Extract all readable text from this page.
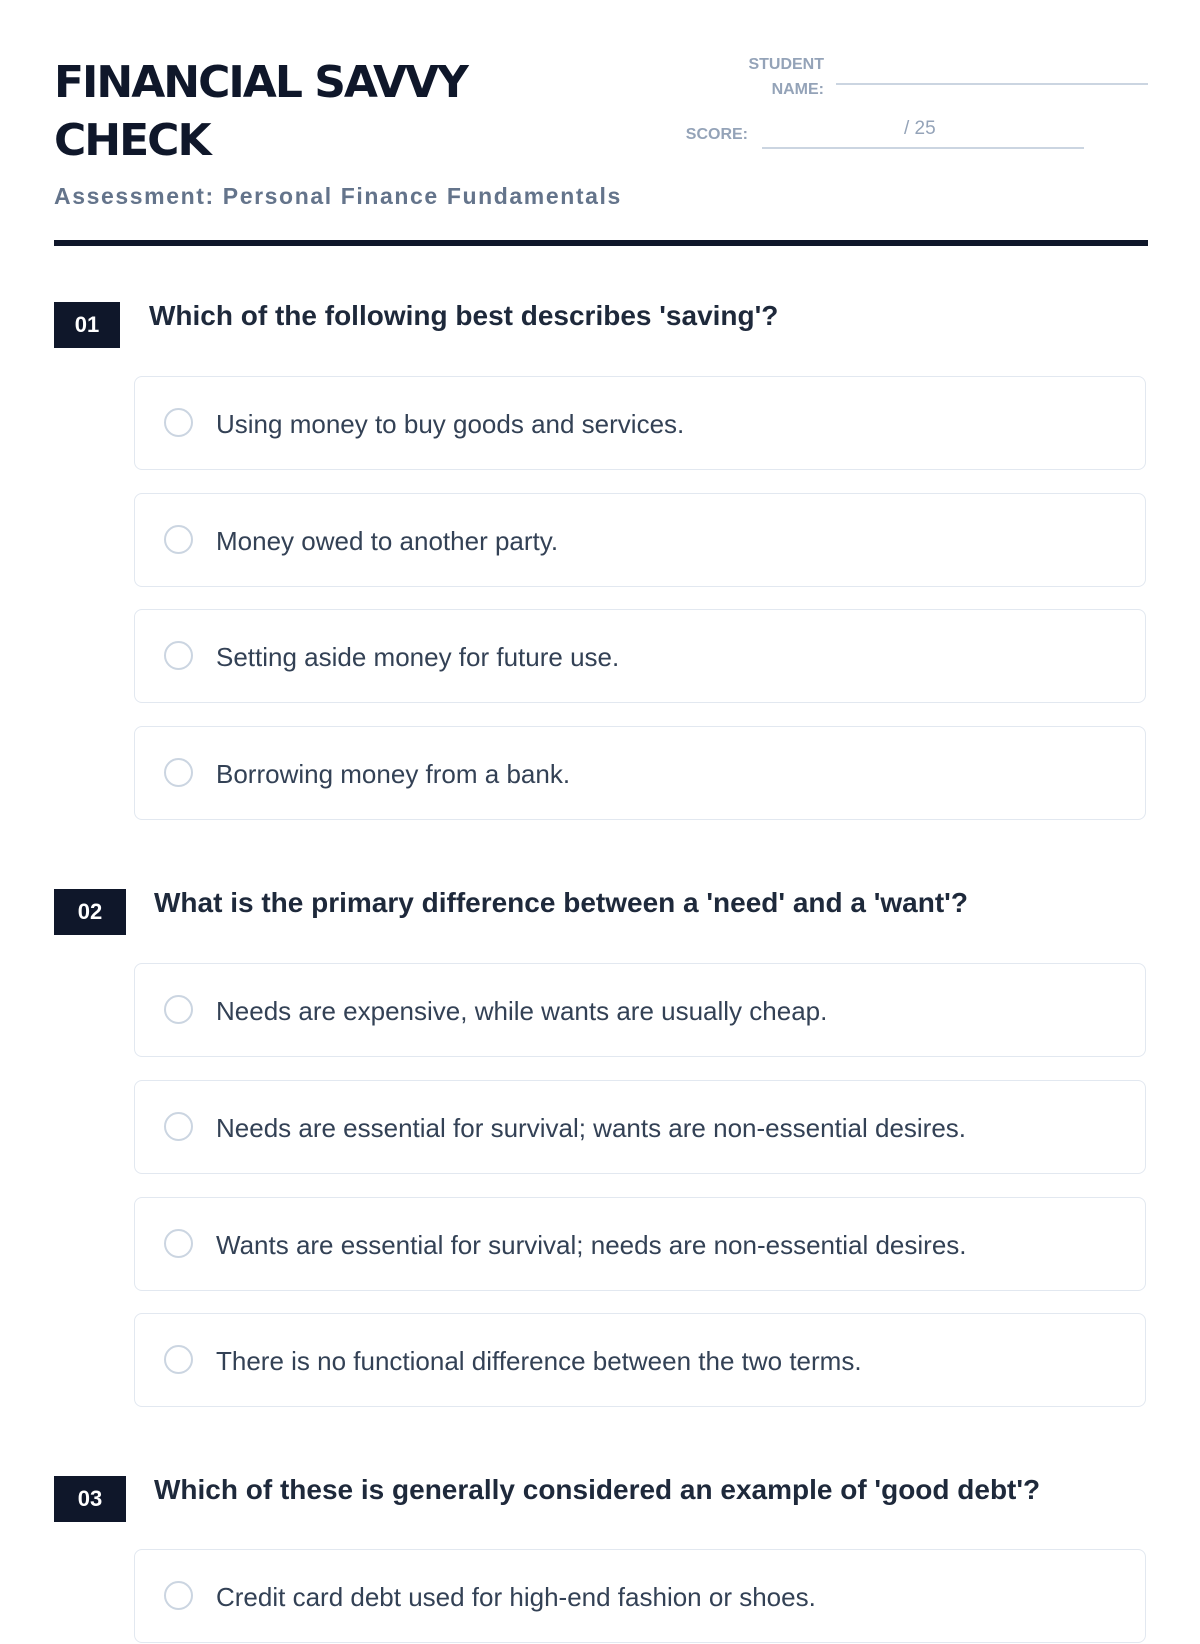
FINANCIAL SAVVY
CHECK

Assessment: Personal Finance Fundamentals

STUDENT
NAME:
SCORE:	/ 25
01	Which of the following best describes 'saving'?

Using money to buy goods and services.
Money owed to another party.
Setting aside money for future use.
Borrowing money from a bank.
02	What is the primary difference between a 'need' and a 'want'?

Needs are expensive, while wants are usually cheap.
Needs are essential for survival; wants are non-essential desires.
Wants are essential for survival; needs are non-essential desires.
There is no functional difference between the two terms.
03	Which of these is generally considered an example of 'good debt'?

Credit card debt used for high-end fashion or shoes.
